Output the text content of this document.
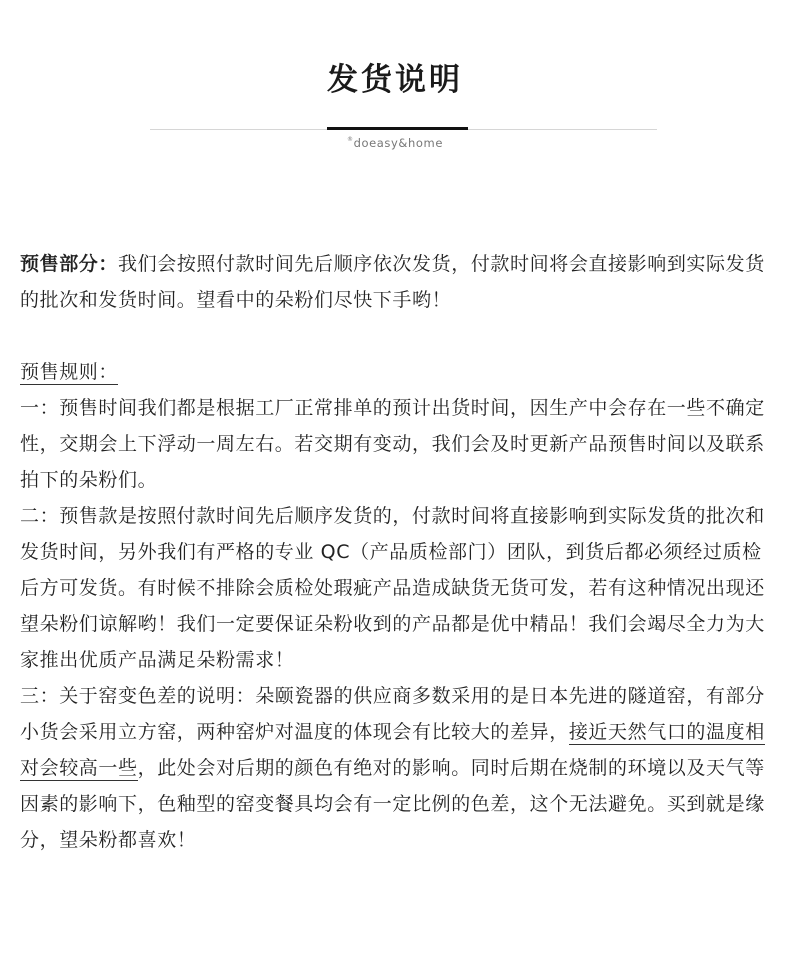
发货说明
®doeasy&home

预售部分：我们会按照付款时间先后顺序依次发货，付款时间将会直接影响到实际发货的批次和发货时间。望看中的朵粉们尽快下手哟！

预售规则：

一：预售时间我们都是根据工厂正常排单的预计出货时间，因生产中会存在一些不确定性，交期会上下浮动一周左右。若交期有变动，我们会及时更新产品预售时间以及联系拍下的朵粉们。

二：预售款是按照付款时间先后顺序发货的，付款时间将直接影响到实际发货的批次和发货时间，另外我们有严格的专业 QC（产品质检部门）团队，到货后都必须经过质检后方可发货。有时候不排除会质检处瑕疵产品造成缺货无货可发，若有这种情况出现还望朵粉们谅解哟！我们一定要保证朵粉收到的产品都是优中精品！我们会竭尽全力为大家推出优质产品满足朵粉需求！

三：关于窑变色差的说明：朵颐瓷器的供应商多数采用的是日本先进的隧道窑，有部分小货会采用立方窑，两种窑炉对温度的体现会有比较大的差异，接近天然气口的温度相对会较高一些，此处会对后期的颜色有绝对的影响。同时后期在烧制的环境以及天气等因素的影响下，色釉型的窑变餐具均会有一定比例的色差，这个无法避免。买到就是缘分，望朵粉都喜欢！
